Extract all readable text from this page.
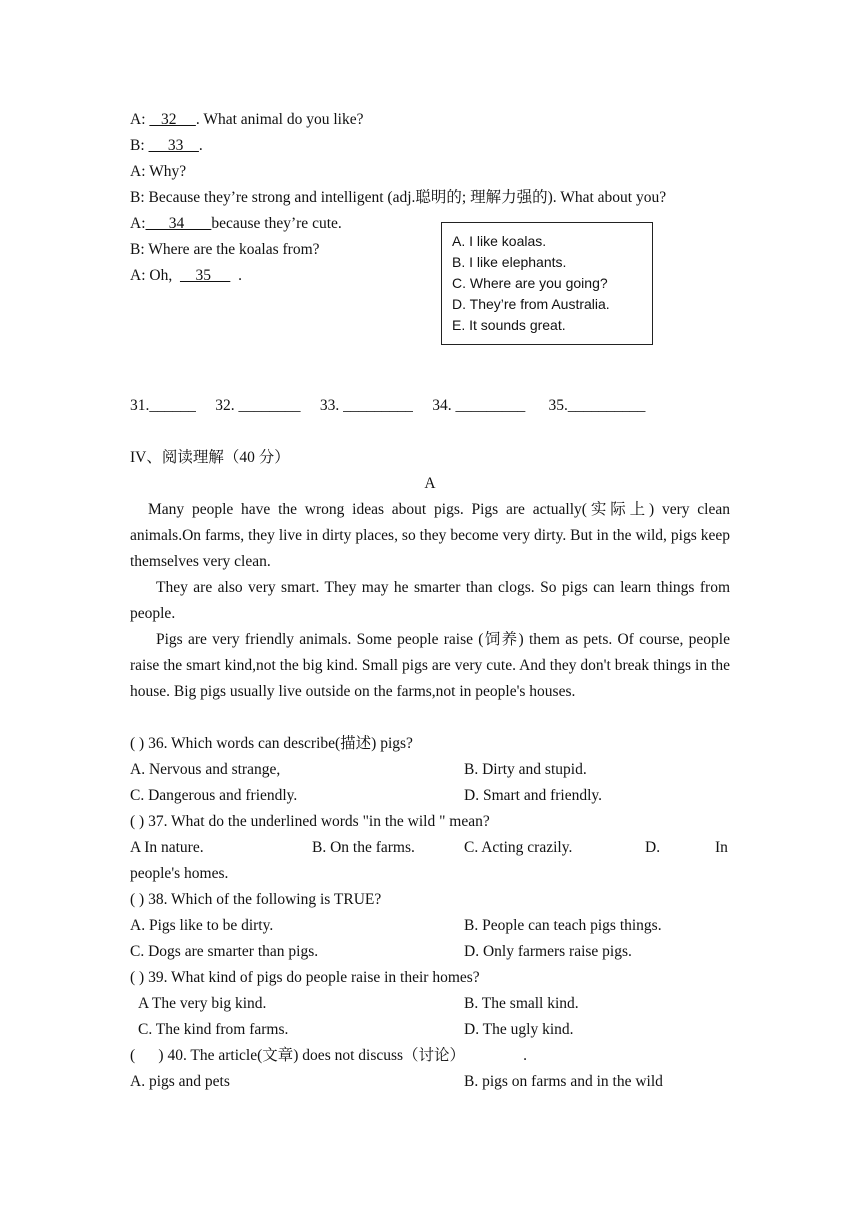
A:    32     . What animal do you like?
B:      33    .
A: Why?
B: Because they’re strong and intelligent (adj.聪明的; 理解力强的). What about you?
A:      34       because they’re cute.
B: Where are the koalas from?
A: Oh,      35       .
A. I like koalas.
B. I like elephants.
C. Where are you going?
D. They’re from Australia.
E. It sounds great.
31.______     32. ________     33. _________     34. _________      35.__________
IV、阅读理解（40 分）
A
Many people have the wrong ideas about pigs. Pigs are actually(实际上) very clean animals.On farms, they live in dirty places, so they become very dirty. But in the wild, pigs keep themselves very clean.
They are also very smart. They may he smarter than clogs. So pigs can learn things from people.
Pigs are very friendly animals. Some people raise (饲养) them as pets. Of course, people raise the smart kind,not the big kind. Small pigs are very cute. And they don't break things in the house. Big pigs usually live outside on the farms,not in people's houses.
( ) 36. Which words can describe(描述) pigs?
A. Nervous and strange,	B. Dirty and stupid.
C. Dangerous and friendly.	D. Smart and friendly.
( ) 37. What do the underlined words "in the wild " mean?
A In nature.	B. On the farms.	C. Acting crazily.	D.	In
people's homes.
( ) 38. Which of the following is TRUE?
A. Pigs like to be dirty.	B. People can teach pigs things.
C. Dogs are smarter than pigs.	D. Only farmers raise pigs.
( ) 39. What kind of pigs do people raise in their homes?
A The very big kind.	B. The small kind.
C. The kind from farms.	D. The ugly kind.
(      ) 40. The article(文章) does not discuss（讨论）               .
A. pigs and pets	B. pigs on farms and in the wild
